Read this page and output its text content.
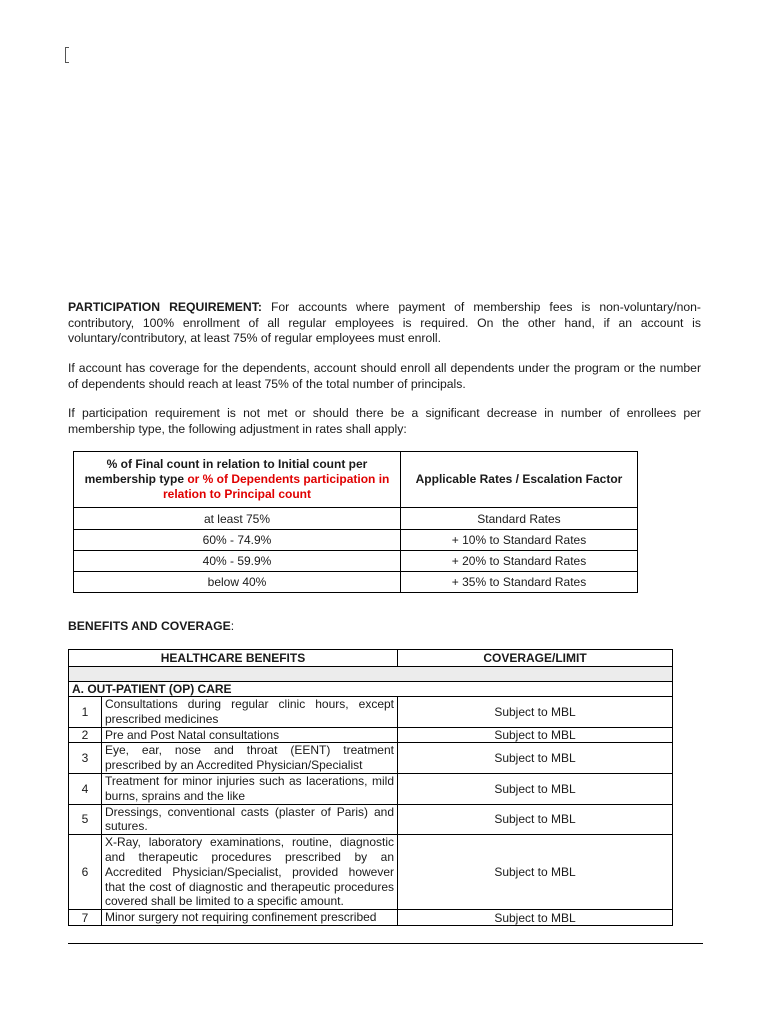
PARTICIPATION REQUIREMENT: For accounts where payment of membership fees is non-voluntary/non-contributory, 100% enrollment of all regular employees is required. On the other hand, if an account is voluntary/contributory, at least 75% of regular employees must enroll.

If account has coverage for the dependents, account should enroll all dependents under the program or the number of dependents should reach at least 75% of the total number of principals.

If participation requirement is not met or should there be a significant decrease in number of enrollees per membership type, the following adjustment in rates shall apply:

% of Final count in relation to Initial count per membership type or % of Dependents participation in relation to Principal count	Applicable Rates / Escalation Factor
at least 75%	Standard Rates
60% - 74.9%	+ 10% to Standard Rates
40% - 59.9%	+ 20% to Standard Rates
below 40%	+ 35% to Standard Rates

BENEFITS AND COVERAGE:

HEALTHCARE BENEFITS		COVERAGE/LIMIT

A. OUT-PATIENT (OP) CARE		
1	Consultations during regular clinic hours, except prescribed medicines	Subject to MBL
2	Pre and Post Natal consultations	Subject to MBL
3	Eye, ear, nose and throat (EENT) treatment prescribed by an Accredited Physician/Specialist	Subject to MBL
4	Treatment for minor injuries such as lacerations, mild burns, sprains and the like	Subject to MBL
5	Dressings, conventional casts (plaster of Paris) and sutures.	Subject to MBL
6	X-Ray, laboratory examinations, routine, diagnostic and therapeutic procedures prescribed by an Accredited Physician/Specialist, provided however that the cost of diagnostic and therapeutic procedures covered shall be limited to a specific amount.	Subject to MBL
7	Minor surgery not requiring confinement prescribed	Subject to MBL
